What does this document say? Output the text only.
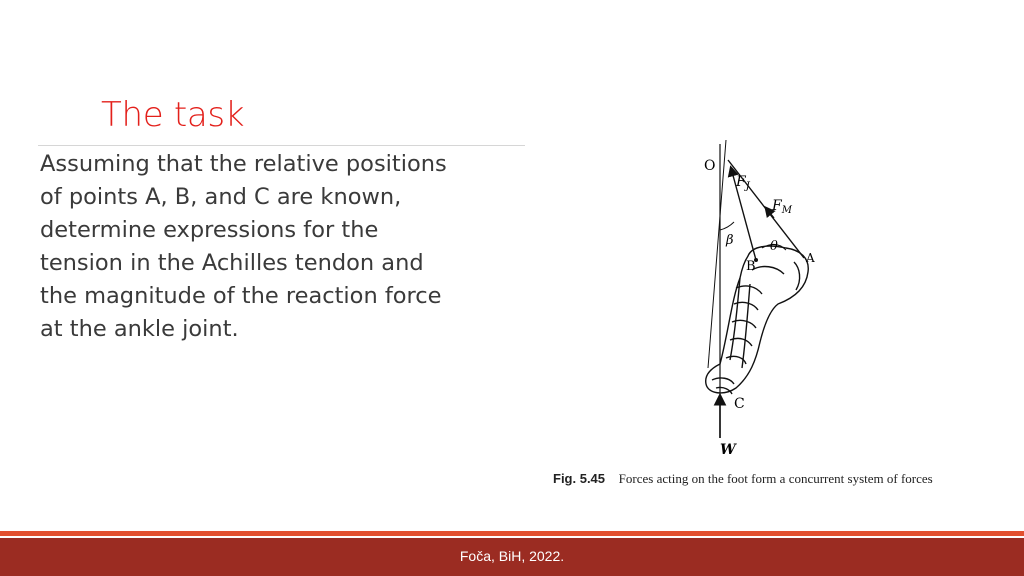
The task
Assuming that the relative positions
of points A, B, and C are known,
determine expressions for the
tension in the Achilles tendon and
the magnitude of the reaction force
at the ankle joint.
O
$F_J$
$F_M$
β	θ
A
B
C
W
Fig. 5.45 Forces acting on the foot form a concurrent system of forces
Foča, BiH, 2022.
